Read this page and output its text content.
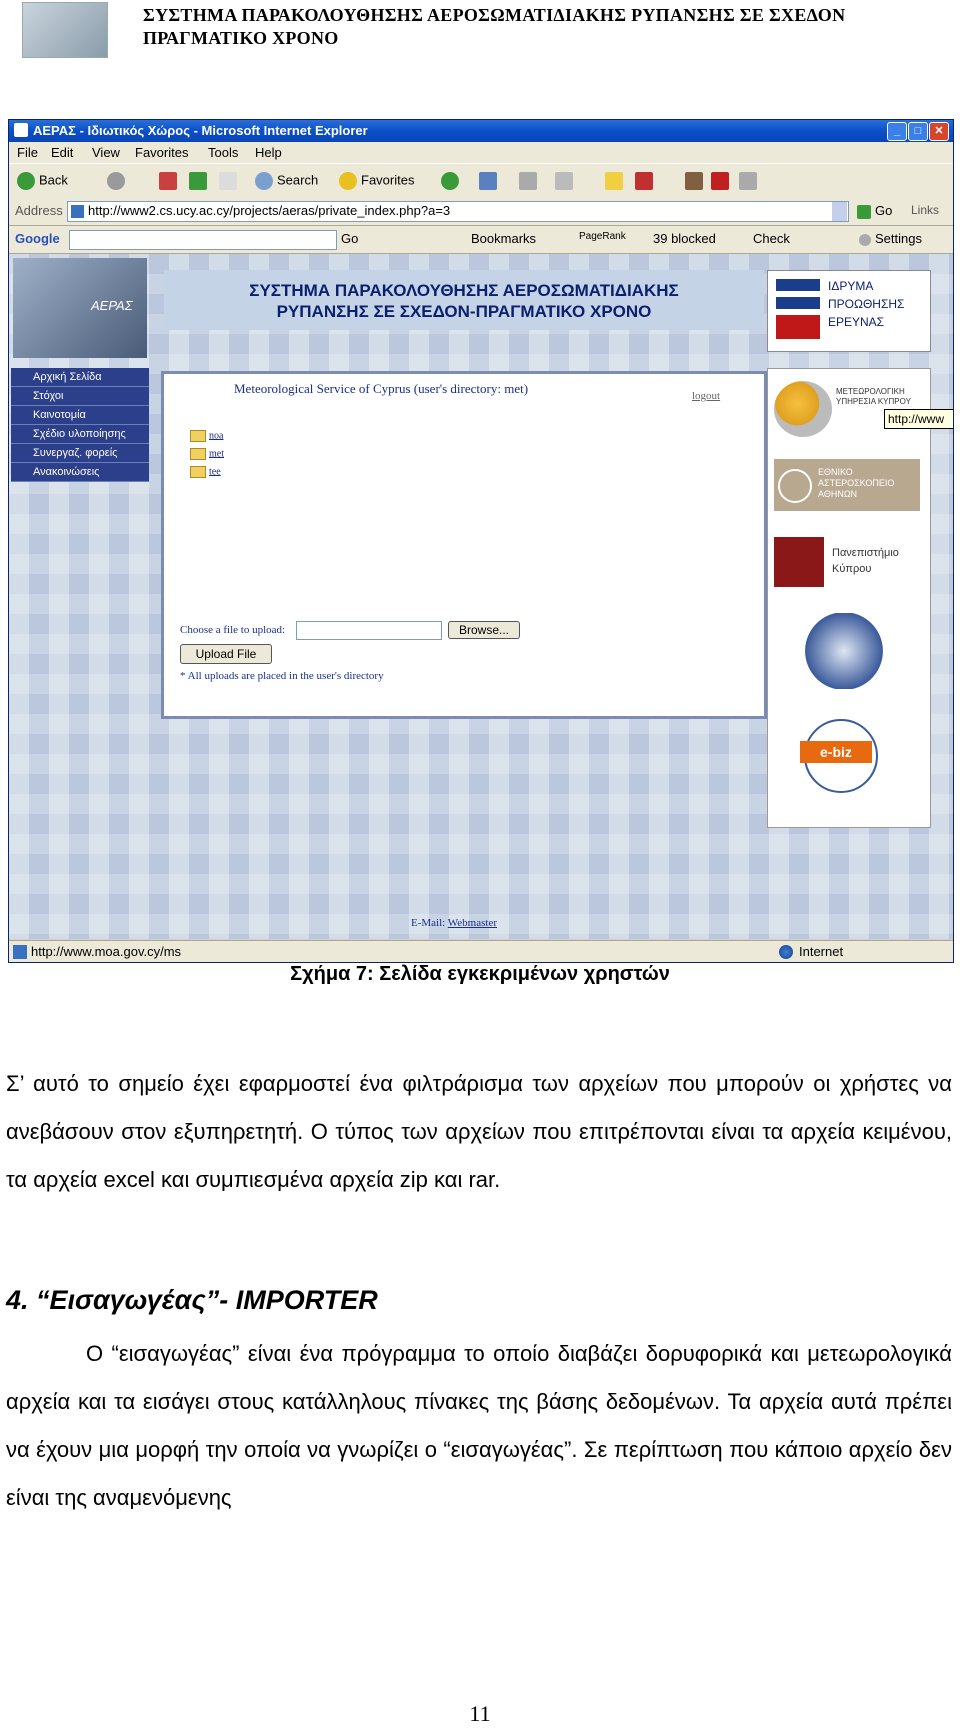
ΣΥΣΤΗΜΑ ΠΑΡΑΚΟΛΟΥΘΗΣΗΣ ΑΕΡΟΣΩΜΑΤΙΔΙΑΚΗΣ ΡΥΠΑΝΣΗΣ ΣΕ ΣΧΕΔΟΝ
ΠΡΑΓΜΑΤΙΚΟ ΧΡΟΝΟ
ΑΕΡΑΣ - Ιδιωτικός Χώρος - Microsoft Internet Explorer	_	□	✕
File Edit View Favorites Tools Help
Back	Search	Favorites
Address http://www2.cs.ucy.ac.cy/projects/aeras/private_index.php?a=3	Go Links
Google	Go	Bookmarks	PageRank 39 blocked	Check	Settings
ΑΕΡΑΣ
ΣΥΣΤΗΜΑ ΠΑΡΑΚΟΛΟΥΘΗΣΗΣ ΑΕΡΟΣΩΜΑΤΙΔΙΑΚΗΣ
ΡΥΠΑΝΣΗΣ ΣΕ ΣΧΕΔΟΝ-ΠΡΑΓΜΑΤΙΚΟ ΧΡΟΝΟ
ΙΔΡΥΜΑ
ΠΡΟΩΘΗΣΗΣ
ΕΡΕΥΝΑΣ
Αρχική Σελίδα
Στόχοι
Καινοτομία
Σχέδιο υλοποίησης
Συνεργαζ. φορείς
Ανακοινώσεις
Meteorological Service of Cyprus (user's directory: met)	logout
noa
met
tee
Choose a file to upload:	Browse...
Upload File
* All uploads are placed in the user's directory
ΜΕΤΕΩΡΟΛΟΓΙΚΗ ΥΠΗΡΕΣΙΑ ΚΥΠΡΟΥ
ΕΘΝΙΚΟ ΑΣΤΕΡΟΣΚΟΠΕΙΟ ΑΘΗΝΩΝ
Πανεπιστήμιο
Κύπρου
e-biz
http://www
E-Mail: Webmaster
http://www.moa.gov.cy/ms	Internet
Σχήμα 7: Σελίδα εγκεκριμένων χρηστών
Σ’ αυτό το σημείο έχει εφαρμοστεί ένα φιλτράρισμα των αρχείων που μπορούν οι χρήστες να ανεβάσουν στον εξυπηρετητή. Ο τύπος των αρχείων που επιτρέπονται είναι τα αρχεία κειμένου, τα αρχεία excel και συμπιεσμένα αρχεία zip και rar.
4. “Εισαγωγέας”- IMPORTER
Ο “εισαγωγέας” είναι ένα πρόγραμμα το οποίο διαβάζει δορυφορικά και μετεωρολογικά αρχεία και τα εισάγει στους κατάλληλους πίνακες της βάσης δεδομένων. Τα αρχεία αυτά πρέπει να έχουν μια μορφή την οποία να γνωρίζει ο “εισαγωγέας”. Σε περίπτωση που κάποιο αρχείο δεν είναι της αναμενόμενης
11
